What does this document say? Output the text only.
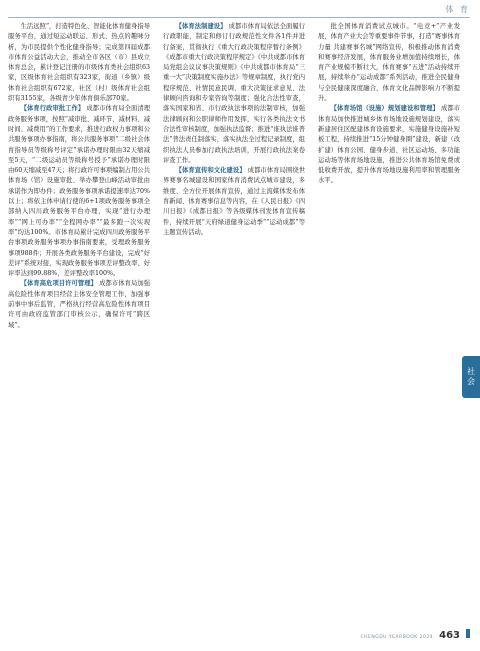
体 育

生活远照”，打造特色化、智能化体育健身指导服务平台，通过短运动联运、形式、热点的趣味分析，为市民提供个性化健身指导；完成第四届成都市体育公益活动大会，推动全市各区（市）县成立体育总会，累计登记注册的市级体育类社会组织63家，区级体育社会组织有323家，街道（乡镇）级体育社会组织有672家，社区（村）级体育社会组织有3155家，各级青少年体育俱乐部70家。

【体育行政审批工作】 成都市体育局全面清理政务服务事项，按照“减审批、减环节、减材料、减时间、减费用”的工作要求，推进行政权力事项和公共服务事项办事指南，将公共服务事项“二级社会体育指导员等级称号评定”承诺办理时限由32天缩减至5天，“二级运动员等级称号授予”承诺办理时限由60天缩减至47天；将行政许可事项编制占用公共体育场（馆）设施审批、举办攀登山峰活动审批由承诺作为即办件；政务服务事项承诺提速率达70%以上；将依主体申请行使的6+1项政务服务事项全部纳入四川政务服务平台办理，实现“进行办理率”“网上可办率”“全程网办率”“最多跑一次实现率”均达100%。市体育局累计完成四川政务服务平台事项政务服务事项办事指南要素，受理政务服务事项988件；开展各类政务服务平台建设，完成“好差评”系统对接，实现政务服务事项差评整改率、好评率达到99.88%，差评整改率100%。

【体育高危项目许可管理】 成都市体育局加强高危险性体育项目经营主体安全管理工作，加强事前事中事后监管，严格执行经营高危险性体育项目许可由政府监管部门审核公示，确保许可“跨区域”。

【体育法制建设】 成都市体育局依法全面履行行政职能，制定和修订行政规范性文件各1件并进行备案，贯彻执行《重大行政决策程序暂行条例》《成都市重大行政决策程序规定》《中共成都市体育局党组会议议事决策规则》《中共成都市体育局“三重一大”决策制度实施办法》等规章制度，执行党内程序规范、社情民意民调、重大决策征求意见、法律顾问咨询和专家咨询等制度；强化合法性审查，落实国家和省、市行政执法事项的法制审核，加强法律顾问和公职律师作用发挥，实行各类执法文书合法性审核制度，加强执法监督；推进“谁执法谁普法”普法责任制落实，落实执法全过程记录制度，组织执法人员参加行政执法培训，开展行政执法案卷评查工作。

【体育宣传和文化建设】 成都市体育局围绕世界赛事名城建设和国家体育消费试点城市建设，多维度、全方位开展体育宣传，通过主流媒体发布体育新闻、体育赛事信息等内容，在《人民日报》《四川日报》《成都日报》等各级媒体刊发体育宣传稿件，持续开展“天府绿道健身运动季”“运动成都”等主题宣传活动。

批全国体育消费试点城市。“电竞+”产业发展，体育产业大会等重要事件节事，打造“赛事体育力量 共建赛事名城”网络宣传，积极推动体育消费和赛事经济发展，体育服务业增加值持续增长，体育产业规模不断壮大，体育赛事“五进”活动持续开展，持续举办“运动成都”系列活动，推进全民健身与全民健康深度融合，体育文化品牌影响力不断提升。

【体育场馆（设施）规划建设和管理】 成都市体育局加快推进城乡体育场地设施规划建设，落实新建居住区配建体育设施要求，实施健身设施补短板工程，持续推进“15分钟健身圈”建设，新建（改扩建）体育公园、健身步道、社区运动场、多功能运动场等体育场地设施，推进公共体育场馆免费或低收费开放，提升体育场地设施利用率和管理服务水平。

社会
CHENGDU YEARBOOK 2024 463
